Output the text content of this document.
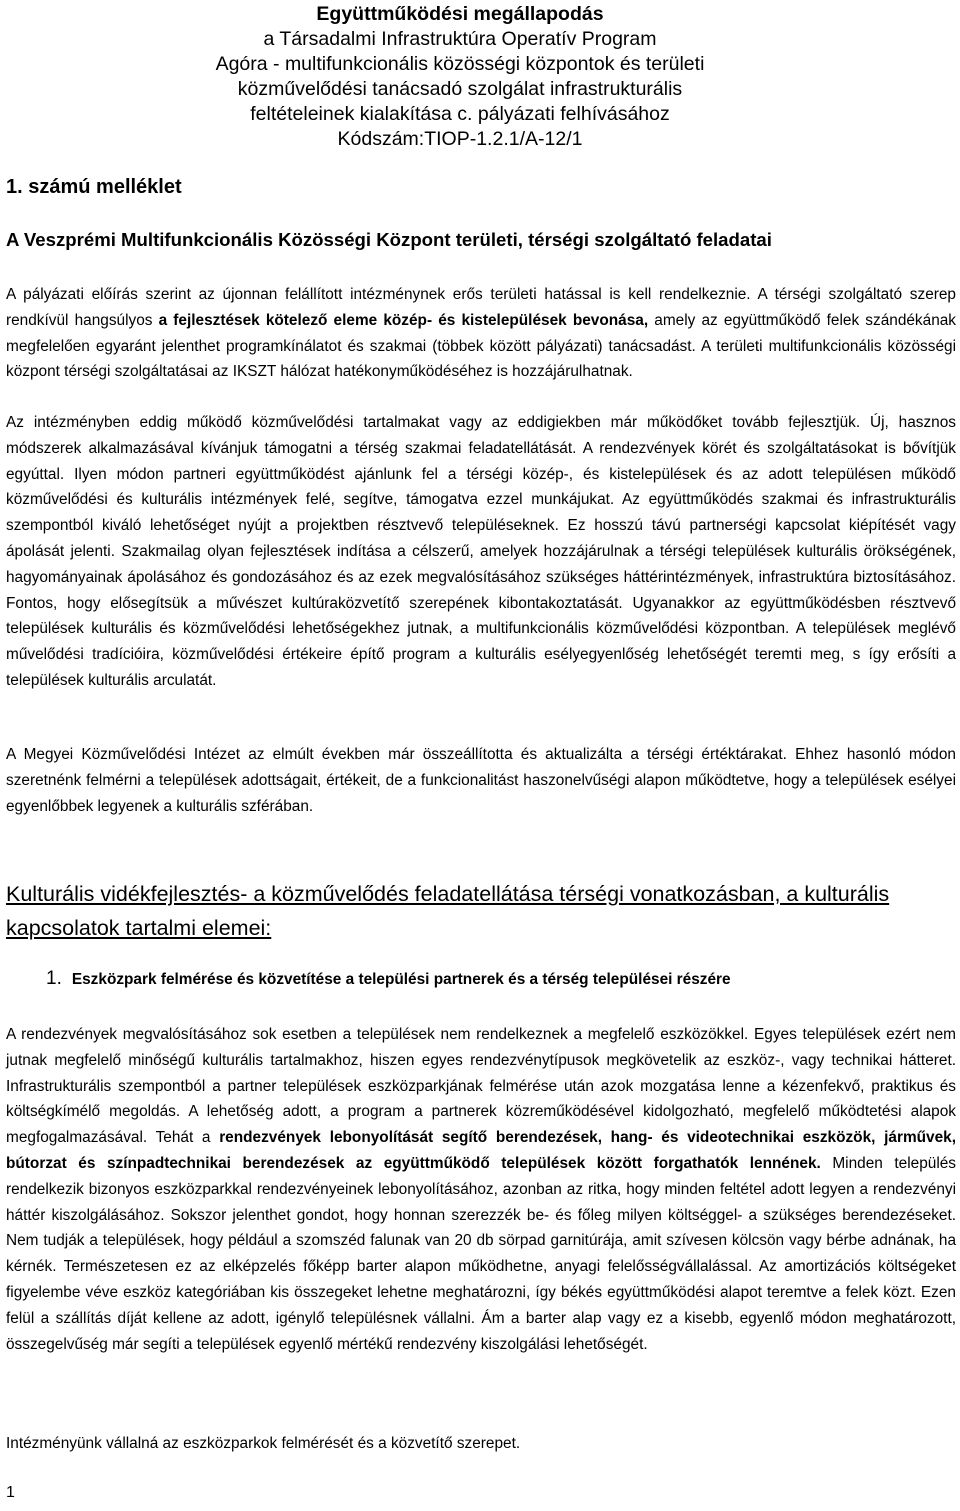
Együttműködési megállapodás
a Társadalmi Infrastruktúra Operatív Program
Agóra - multifunkcionális közösségi központok és területi
közművelődési tanácsadó szolgálat infrastrukturális
feltételeinek kialakítása c. pályázati felhívásához
Kódszám:TIOP-1.2.1/A-12/1
1. számú melléklet
A Veszprémi Multifunkcionális Közösségi Központ területi, térségi szolgáltató feladatai
A pályázati előírás szerint az újonnan felállított intézménynek erős területi hatással is kell rendelkeznie. A térségi szolgáltató szerep rendkívül hangsúlyos a fejlesztések kötelező eleme közép- és kistelepülések bevonása, amely az együttműködő felek szándékának megfelelően egyaránt jelenthet programkínálatot és szakmai (többek között pályázati) tanácsadást. A területi multifunkcionális közösségi központ térségi szolgáltatásai az IKSZT hálózat hatékonyműködéséhez is hozzájárulhatnak.
Az intézményben eddig működő közművelődési tartalmakat vagy az eddigiekben már működőket tovább fejlesztjük. Új, hasznos módszerek alkalmazásával kívánjuk támogatni a térség szakmai feladatellátását. A rendezvények körét és szolgáltatásokat is bővítjük egyúttal. Ilyen módon partneri együttműködést ajánlunk fel a térségi közép-, és kistelepülések és az adott településen működő közművelődési és kulturális intézmények felé, segítve, támogatva ezzel munkájukat. Az együttműködés szakmai és infrastrukturális szempontból kiváló lehetőséget nyújt a projektben résztvevő településeknek. Ez hosszú távú partnerségi kapcsolat kiépítését vagy ápolását jelenti. Szakmailag olyan fejlesztések indítása a célszerű, amelyek hozzájárulnak a térségi települések kulturális örökségének, hagyományainak ápolásához és gondozásához és az ezek megvalósításához szükséges háttérintézmények, infrastruktúra biztosításához. Fontos, hogy elősegítsük a művészet kultúraközvetítő szerepének kibontakoztatását. Ugyanakkor az együttműködésben résztvevő települések kulturális és közművelődési lehetőségekhez jutnak, a multifunkcionális közművelődési központban. A települések meglévő művelődési tradícióira, közművelődési értékeire építő program a kulturális esélyegyenlőség lehetőségét teremti meg, s így erősíti a települések kulturális arculatát.
A Megyei Közművelődési Intézet az elmúlt években már összeállította és aktualizálta a térségi értéktárakat. Ehhez hasonló módon szeretnénk felmérni a települések adottságait, értékeit, de a funkcionalitást haszonelvűségi alapon működtetve, hogy a települések esélyei egyenlőbbek legyenek a kulturális szférában.
Kulturális vidékfejlesztés- a közművelődés feladatellátása térségi vonatkozásban, a kulturális kapcsolatok tartalmi elemei:
1. Eszközpark felmérése és közvetítése a települési partnerek és a térség települései részére
A rendezvények megvalósításához sok esetben a települések nem rendelkeznek a megfelelő eszközökkel. Egyes települések ezért nem jutnak megfelelő minőségű kulturális tartalmakhoz, hiszen egyes rendezvénytípusok megkövetelik az eszköz-, vagy technikai hátteret. Infrastrukturális szempontból a partner települések eszközparkjának felmérése után azok mozgatása lenne a kézenfekvő, praktikus és költségkímélő megoldás. A lehetőség adott, a program a partnerek közreműködésével kidolgozható, megfelelő működtetési alapok megfogalmazásával. Tehát a rendezvények lebonyolítását segítő berendezések, hang- és videotechnikai eszközök, járművek, bútorzat és színpadtechnikai berendezések az együttműködő települések között forgathatók lennének. Minden település rendelkezik bizonyos eszközparkkal rendezvényeinek lebonyolításához, azonban az ritka, hogy minden feltétel adott legyen a rendezvényi háttér kiszolgálásához. Sokszor jelenthet gondot, hogy honnan szerezzék be- és főleg milyen költséggel- a szükséges berendezéseket. Nem tudják a települések, hogy például a szomszéd falunak van 20 db sörpad garnitúrája, amit szívesen kölcsön vagy bérbe adnának, ha kérnék. Természetesen ez az elképzelés főképp barter alapon működhetne, anyagi felelősségvállalással. Az amortizációs költségeket figyelembe véve eszköz kategóriában kis összegeket lehetne meghatározni, így békés együttműködési alapot teremtve a felek közt. Ezen felül a szállítás díját kellene az adott, igénylő településnek vállalni. Ám a barter alap vagy ez a kisebb, egyenlő módon meghatározott, összegelvűség már segíti a települések egyenlő mértékű rendezvény kiszolgálási lehetőségét.
Intézményünk vállalná az eszközparkok felmérését és a közvetítő szerepet.
1
